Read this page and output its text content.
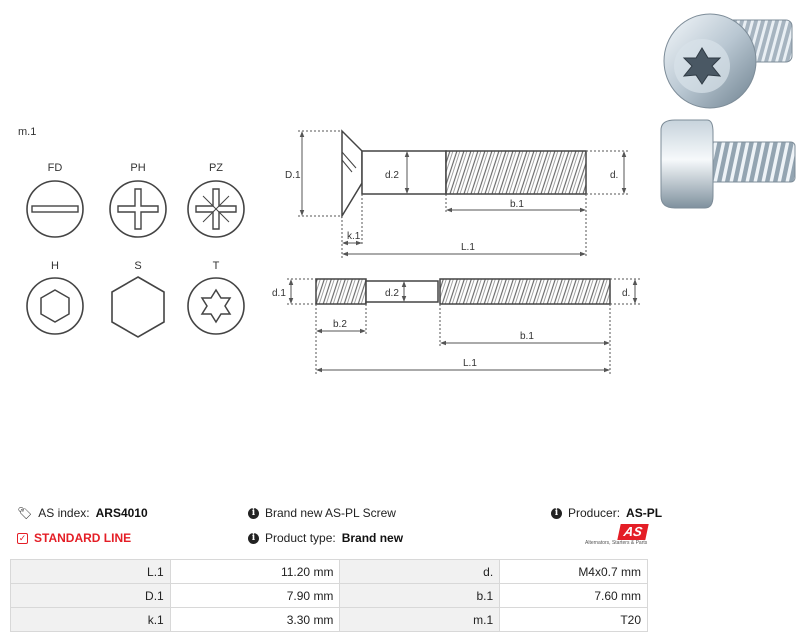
m.1
FD	PH	PZ
H	S	T
D.1	d.2	d.
b.1
k.1
L.1
d.1	d.2	d.
b.2
b.1
L.1
🏷 AS index: ARS4010
✓ STANDARD LINE
i Brand new AS-PL Screw
i Product type: Brand new
i Producer: AS-PL
AS
Alternators, Starters & Parts
L.1	11.20 mm	d.	M4x0.7 mm
D.1	7.90 mm	b.1	7.60 mm
k.1	3.30 mm	m.1	T20
